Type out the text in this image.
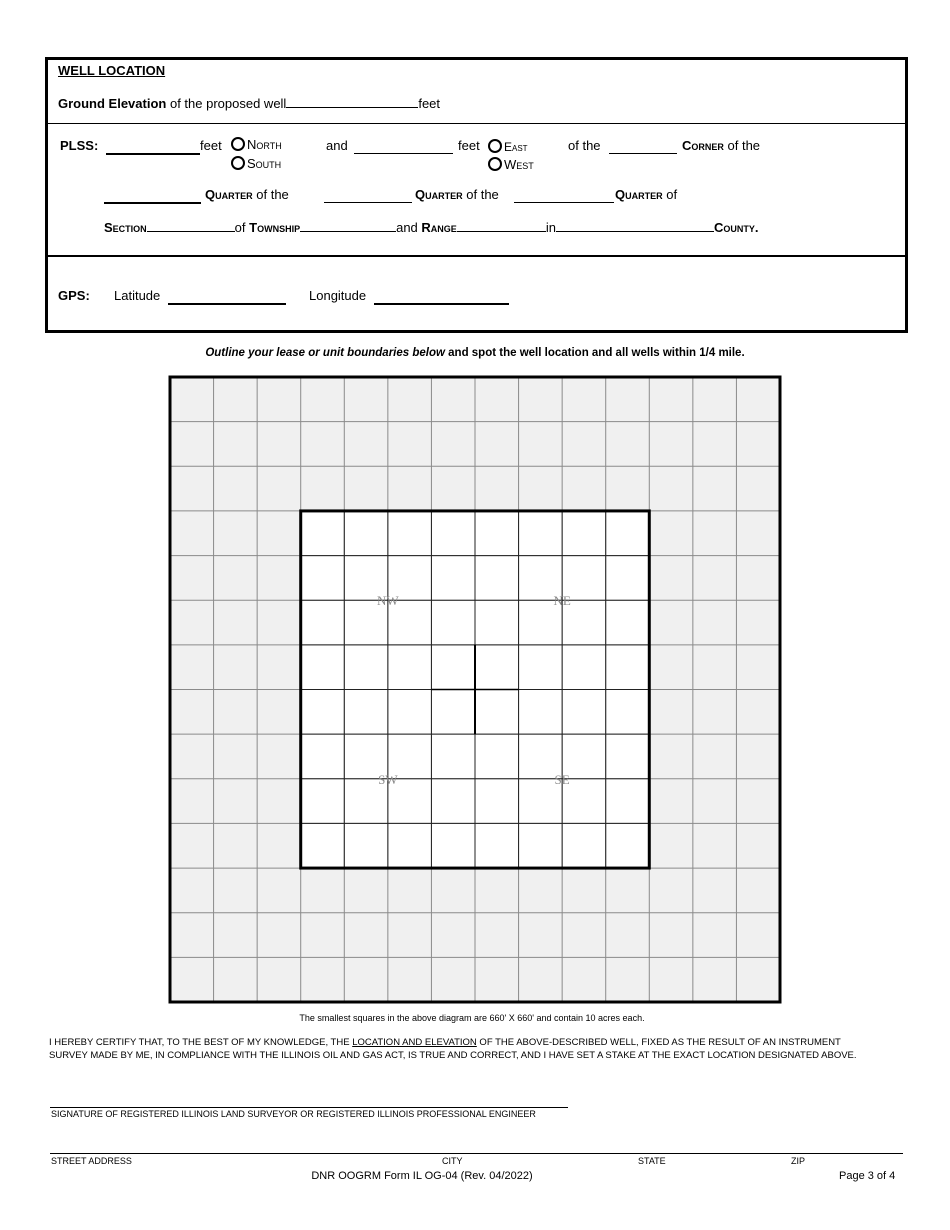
WELL LOCATION
Ground Elevation of the proposed well	feet
PLSS:	feet	North
South
and	feet	East
West
of the	Corner of the
Quarter of the	Quarter of the	Quarter of
Section	of Township	and Range	in	County.
GPS: Latitude	Longitude
Outline your lease or unit boundaries below and spot the well location and all wells within 1/4 mile.
NW	NE
SW	SE
The smallest squares in the above diagram are 660' X 660' and contain 10 acres each.
I HEREBY CERTIFY THAT, TO THE BEST OF MY KNOWLEDGE, THE LOCATION AND ELEVATION OF THE ABOVE-DESCRIBED WELL, FIXED AS THE RESULT OF AN INSTRUMENT SURVEY MADE BY ME, IN COMPLIANCE WITH THE ILLINOIS OIL AND GAS ACT, IS TRUE AND CORRECT, AND I HAVE SET A STAKE AT THE EXACT LOCATION DESIGNATED ABOVE.
SIGNATURE OF REGISTERED ILLINOIS LAND SURVEYOR OR REGISTERED ILLINOIS PROFESSIONAL ENGINEER
STREET ADDRESS	CITY	STATE	ZIP
DNR OOGRM Form IL OG-04 (Rev. 04/2022)	Page 3 of 4
